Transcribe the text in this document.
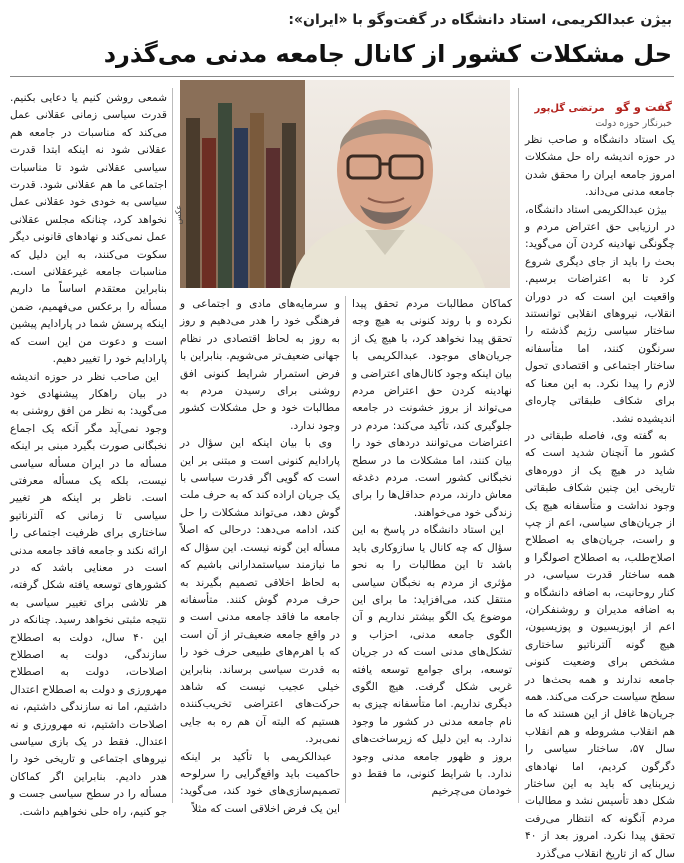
بیژن عبدالکریمی، استاد دانشگاه در گفت‌وگو با «ایران»:
حل مشکلات کشور از کانال جامعه مدنی می‌گذرد
عکس
گفت و گو مرتضی گل‌پور
خبرنگار حوزه دولت

یک استاد دانشگاه و صاحب نظر در حوزه اندیشه راه حل مشکلات امروز جامعه ایران را محقق شدن جامعه مدنی می‌داند.

بیژن عبدالکریمی استاد دانشگاه، در ارزیابی حق اعتراض مردم و چگونگی نهادینه کردن آن می‌گوید: بحث را باید از جای دیگری شروع کرد تا به اعتراضات برسیم. واقعیت این است که در دوران انقلاب، نیروهای انقلابی توانستند ساختار سیاسی رژیم گذشته را سرنگون کنند، اما متأسفانه ساختار اجتماعی و اقتصادی تحول لازم را پیدا نکرد. به این معنا که برای شکاف طبقاتی چاره‌ای اندیشیده نشد.

به گفته وی، فاصله طبقاتی در کشور ما آنچنان شدید است که شاید در هیچ یک از دوره‌های تاریخی این چنین شکاف طبقاتی وجود نداشت و متأسفانه هیچ یک از جریان‌های سیاسی، اعم از چپ و راست، جریان‌های به اصطلاح اصلاح‌طلب، به اصطلاح اصولگرا و همه ساختار قدرت سیاسی، در کنار روحانیت، به اضافه دانشگاه و به اضافه مدیران و روشنفکران، اعم از اپوزیسیون و پوزیسیون، هیچ گونه آلترناتیو ساختاری مشخص برای وضعیت کنونی جامعه ندارند و همه بحث‌ها در سطح سیاست حرکت می‌کند. همه جریان‌ها غافل از این هستند که ما هم انقلاب مشروطه و هم انقلاب سال ۵۷، ساختار سیاسی را دگرگون کردیم، اما نهادهای زیربنایی که باید به این ساختار شکل دهد تأسیس نشد و مطالبات مردم آنگونه که انتظار می‌رفت تحقق پیدا نکرد. امروز بعد از ۴۰ سال که از تاریخ انقلاب می‌گذرد

کماکان مطالبات مردم تحقق پیدا نکرده و با روند کنونی به هیچ وجه تحقق پیدا نخواهد کرد، با هیچ یک از جریان‌های موجود. عبدالکریمی با بیان اینکه وجود کانال‌های اعتراضی و نهادینه کردن حق اعتراض مردم می‌تواند از بروز خشونت در جامعه جلوگیری کند، تأکید می‌کند: مردم در اعتراضات می‌توانند دردهای خود را بیان کنند، اما مشکلات ما در سطح نخبگانی کشور است. مردم دغدغه معاش دارند، مردم حداقل‌ها را برای زندگی خود می‌خواهند.

این استاد دانشگاه در پاسخ به این سؤال که چه کانال یا سازوکاری باید باشد تا این مطالبات را به نحو مؤثری از مردم به نخبگان سیاسی منتقل کند، می‌افزاید: ما برای این موضوع یک الگو بیشتر نداریم و آن الگوی جامعه مدنی، احزاب و تشکل‌های مدنی است که در جریان توسعه، برای جوامع توسعه یافته غربی شکل گرفت. هیچ الگوی دیگری نداریم. اما متأسفانه چیزی به نام جامعه مدنی در کشور ما وجود ندارد. به این دلیل که زیرساخت‌های بروز و ظهور جامعه مدنی وجود ندارد. با شرایط کنونی، ما فقط دو خودمان می‌چرخیم

و سرمایه‌های مادی و اجتماعی و فرهنگی خود را هدر می‌دهیم و روز به روز به لحاظ اقتصادی در نظام جهانی ضعیف‌تر می‌شویم. بنابراین با فرض استمرار شرایط کنونی افق روشنی برای رسیدن مردم به مطالبات خود و حل مشکلات کشور وجود ندارد.

وی با بیان اینکه این سؤال در پارادایم کنونی است و مبتنی بر این است که گویی اگر قدرت سیاسی با یک جریان اراده کند که به حرف ملت گوش دهد، می‌تواند مشکلات را حل کند، ادامه می‌دهد: درحالی که اصلاً مسأله این گونه نیست. این سؤال که ما نیازمند سیاستمدارانی باشیم که به لحاظ اخلاقی تصمیم بگیرند به حرف مردم گوش کنند. متأسفانه جامعه ما فاقد جامعه مدنی است و در واقع جامعه ضعیف‌تر از آن است که با اهرم‌های طبیعی حرف خود را به قدرت سیاسی برساند. بنابراین خیلی عجیب نیست که شاهد حرکت‌های اعتراضی تخریب‌کننده هستیم که البته آن هم ره به جایی نمی‌برد.

عبدالکریمی با تأکید بر اینکه حاکمیت باید واقع‌گرایی را سرلوحه تصمیم‌سازی‌های خود کند، می‌گوید: این یک فرض اخلاقی است که مثلاً

شمعی روشن کنیم یا دعایی بکنیم. قدرت سیاسی زمانی عقلانی عمل می‌کند که مناسبات در جامعه هم عقلانی شود نه اینکه ابتدا قدرت سیاسی عقلانی شود تا مناسبات اجتماعی ما هم عقلانی شود. قدرت سیاسی به خودی خود عقلانی عمل نخواهد کرد، چنانکه مجلس عقلانی عمل نمی‌کند و نهادهای قانونی دیگر سکوت می‌کنند، به این دلیل که مناسبات جامعه غیرعقلانی است. بنابراین معتقدم اساساً ما داریم مسأله را برعکس می‌فهمیم، ضمن اینکه پرسش شما در پارادایم پیشین است و دعوت من این است که پارادایم خود را تغییر دهیم.

این صاحب نظر در حوزه اندیشه در بیان راهکار پیشنهادی خود می‌گوید: به نظر من افق روشنی به وجود نمی‌آید مگر آنکه یک اجماع نخبگانی صورت بگیرد مبنی بر اینکه مسأله ما در ایران مسأله سیاسی نیست، بلکه یک مسأله معرفتی است. ناظر بر اینکه هر تغییر سیاسی تا زمانی که آلترناتیو ساختاری برای ظرفیت اجتماعی را ارائه نکند و جامعه فاقد جامعه مدنی است در معنایی باشد که در کشورهای توسعه یافته شکل گرفته، هر تلاشی برای تغییر سیاسی به نتیجه مثبتی نخواهد رسید. چنانکه در این ۴۰ سال، دولت به اصطلاح سازندگی، دولت به اصطلاح اصلاحات، دولت به اصطلاح مهرورزی و دولت به اصطلاح اعتدال داشتیم، اما نه سازندگی داشتیم، نه اصلاحات داشتیم، نه مهرورزی و نه اعتدال. فقط در یک بازی سیاسی نیروهای اجتماعی و تاریخی خود را هدر دادیم. بنابراین اگر کماکان مسأله را در سطح سیاسی جست و جو کنیم، راه حلی نخواهیم داشت.
